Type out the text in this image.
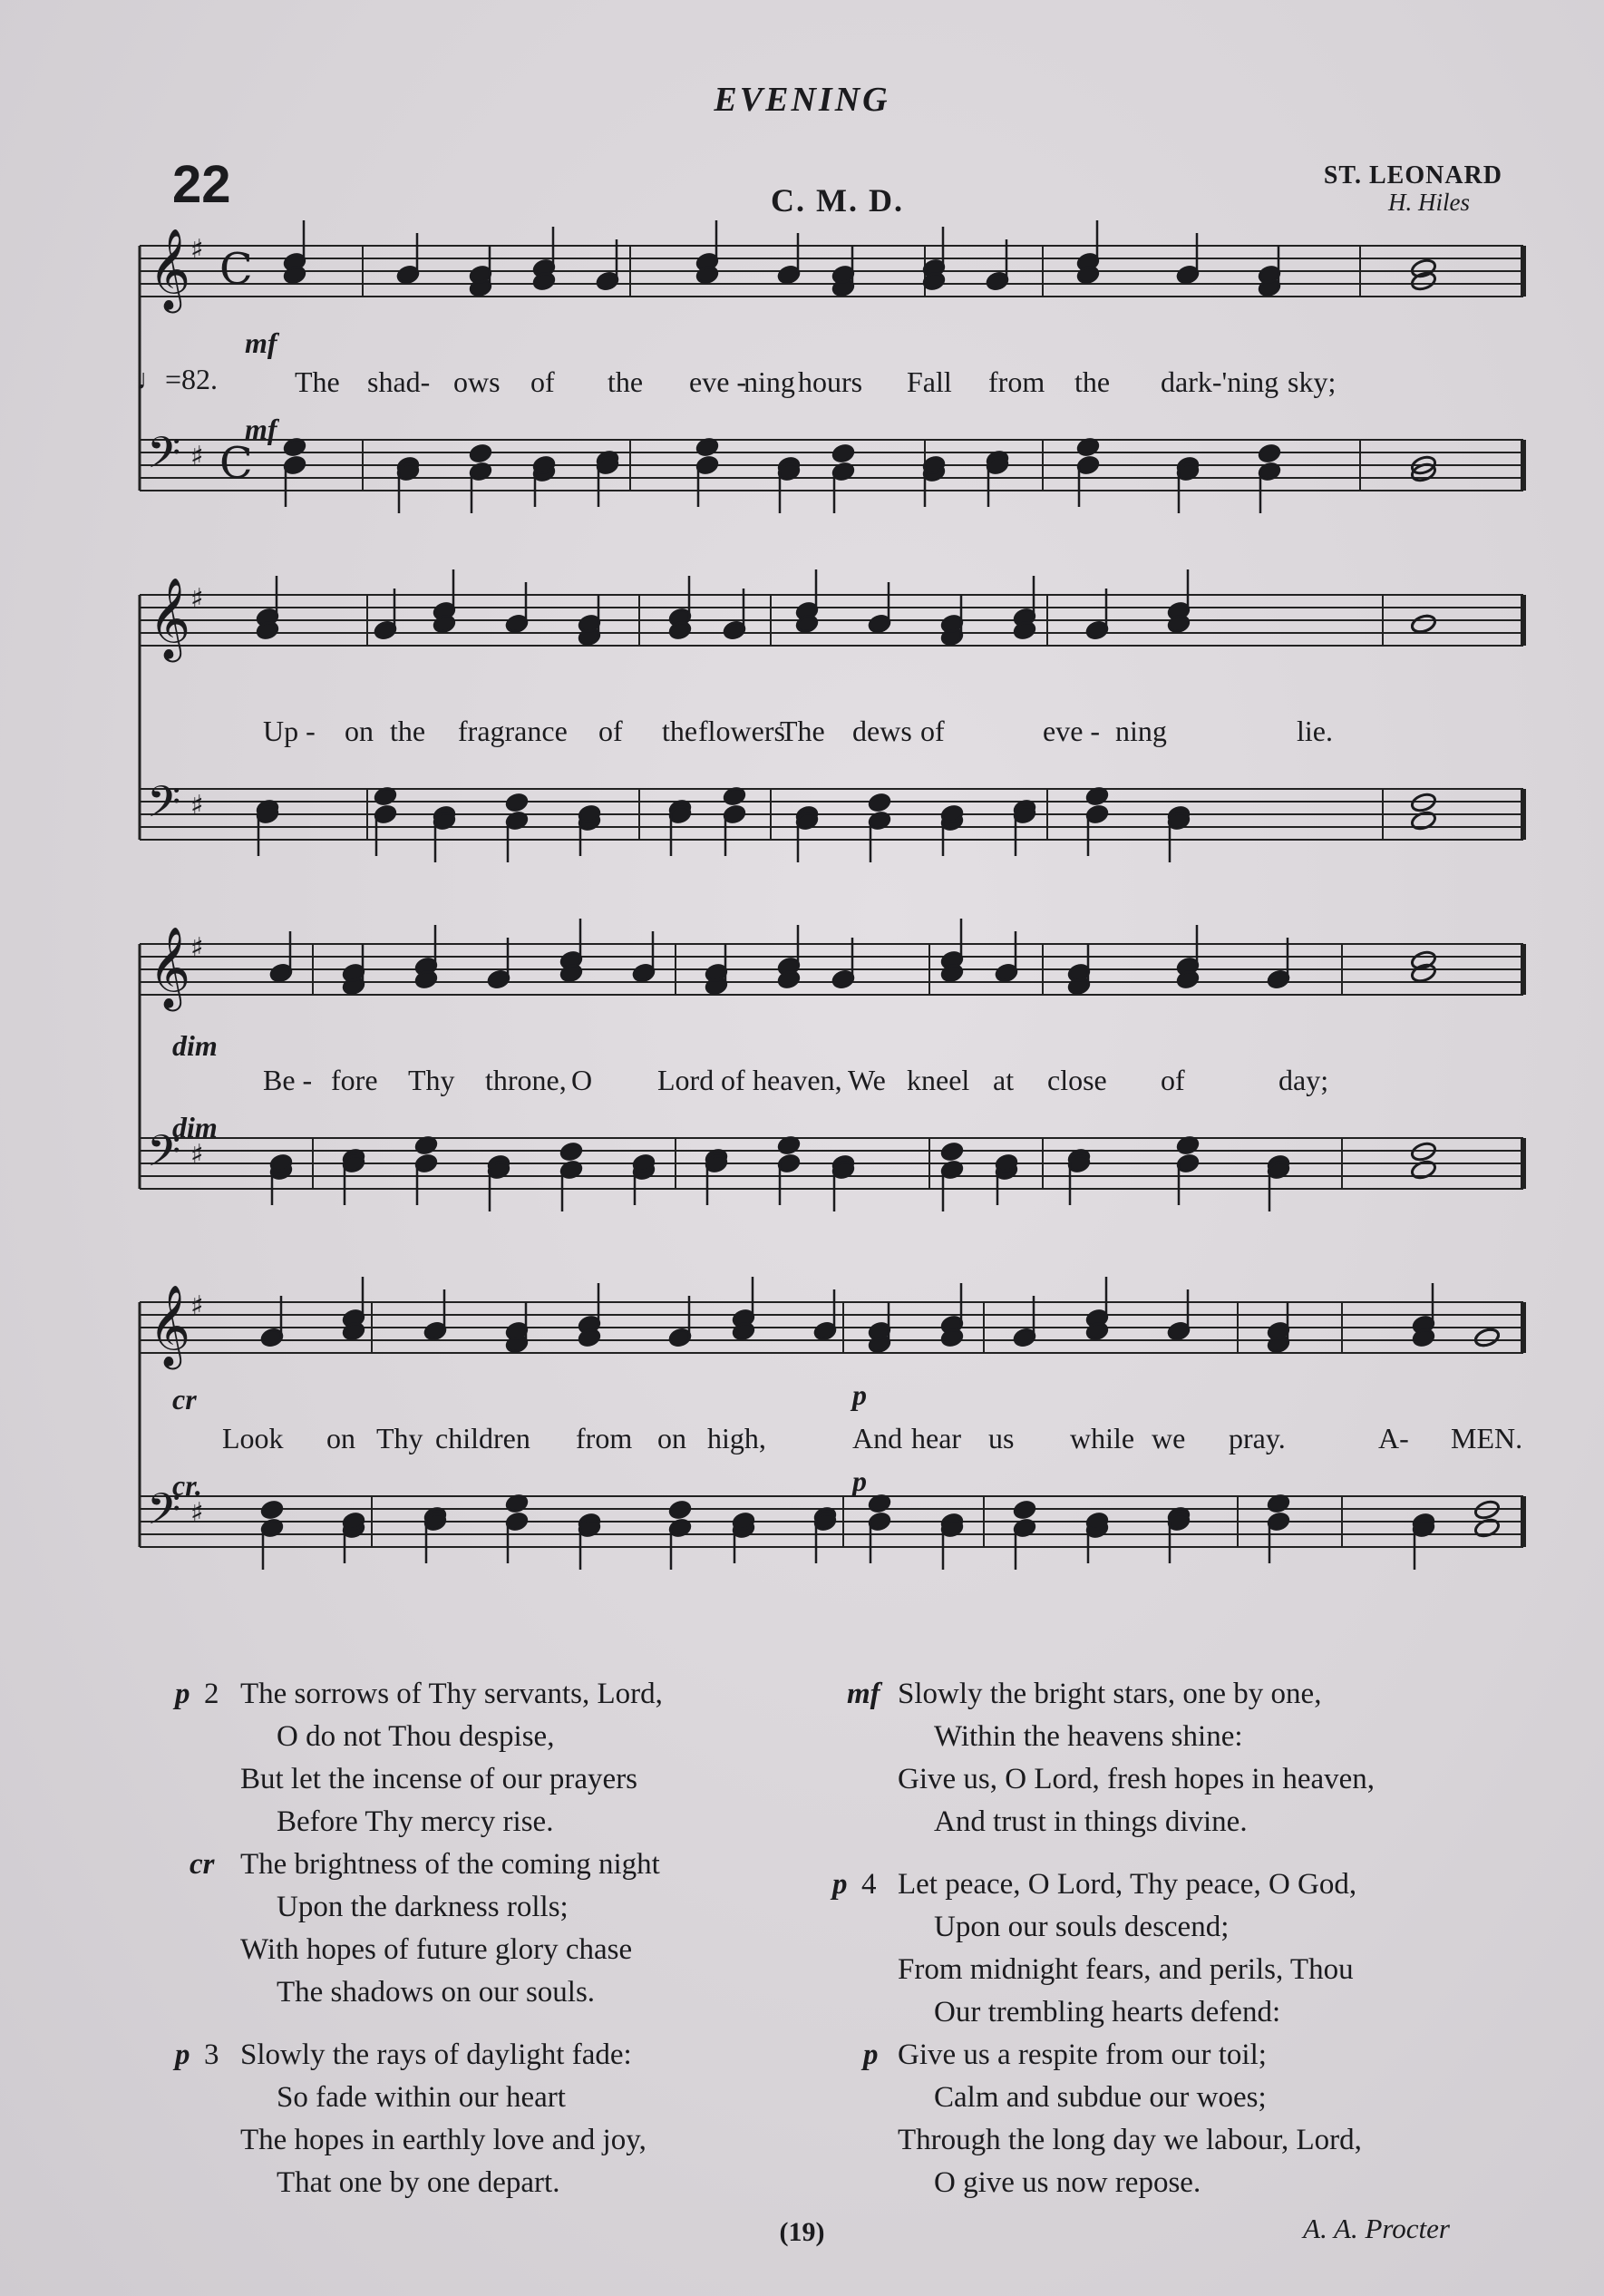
EVENING
22	C. M. D.
ST. LEONARD
H. Hiles
𝄞
𝄢
♯
♯
C
C
♩=82.
mf
mf
The shad- ows of the eve -
ning hours Fall from the dark-'ning sky;
𝄞
𝄢
♯
♯
Up - on the fragrance of the flowers
The dews of	eve - ning	lie.
𝄞
𝄢
♯
♯
dim
dim
Be - fore Thy throne, O Lord of heaven, We kneel at close of	day;
𝄞
𝄢
♯
♯
cr
cr.
p
p
Look on Thy children from on high,	And hear us while we pray.	A- MEN.
p 2 The sorrows of Thy servants, Lord,
O do not Thou despise,
But let the incense of our prayers
Before Thy mercy rise.
cr The brightness of the coming night
Upon the darkness rolls;
With hopes of future glory chase
The shadows on our souls.
p 3 Slowly the rays of daylight fade:
So fade within our heart
The hopes in earthly love and joy,
That one by one depart.
mf Slowly the bright stars, one by one,
Within the heavens shine:
Give us, O Lord, fresh hopes in heaven,
And trust in things divine.
p 4 Let peace, O Lord, Thy peace, O God,
Upon our souls descend;
From midnight fears, and perils, Thou
Our trembling hearts defend:
p Give us a respite from our toil;
Calm and subdue our woes;
Through the long day we labour, Lord,
O give us now repose.
(19)	A. A. Procter
